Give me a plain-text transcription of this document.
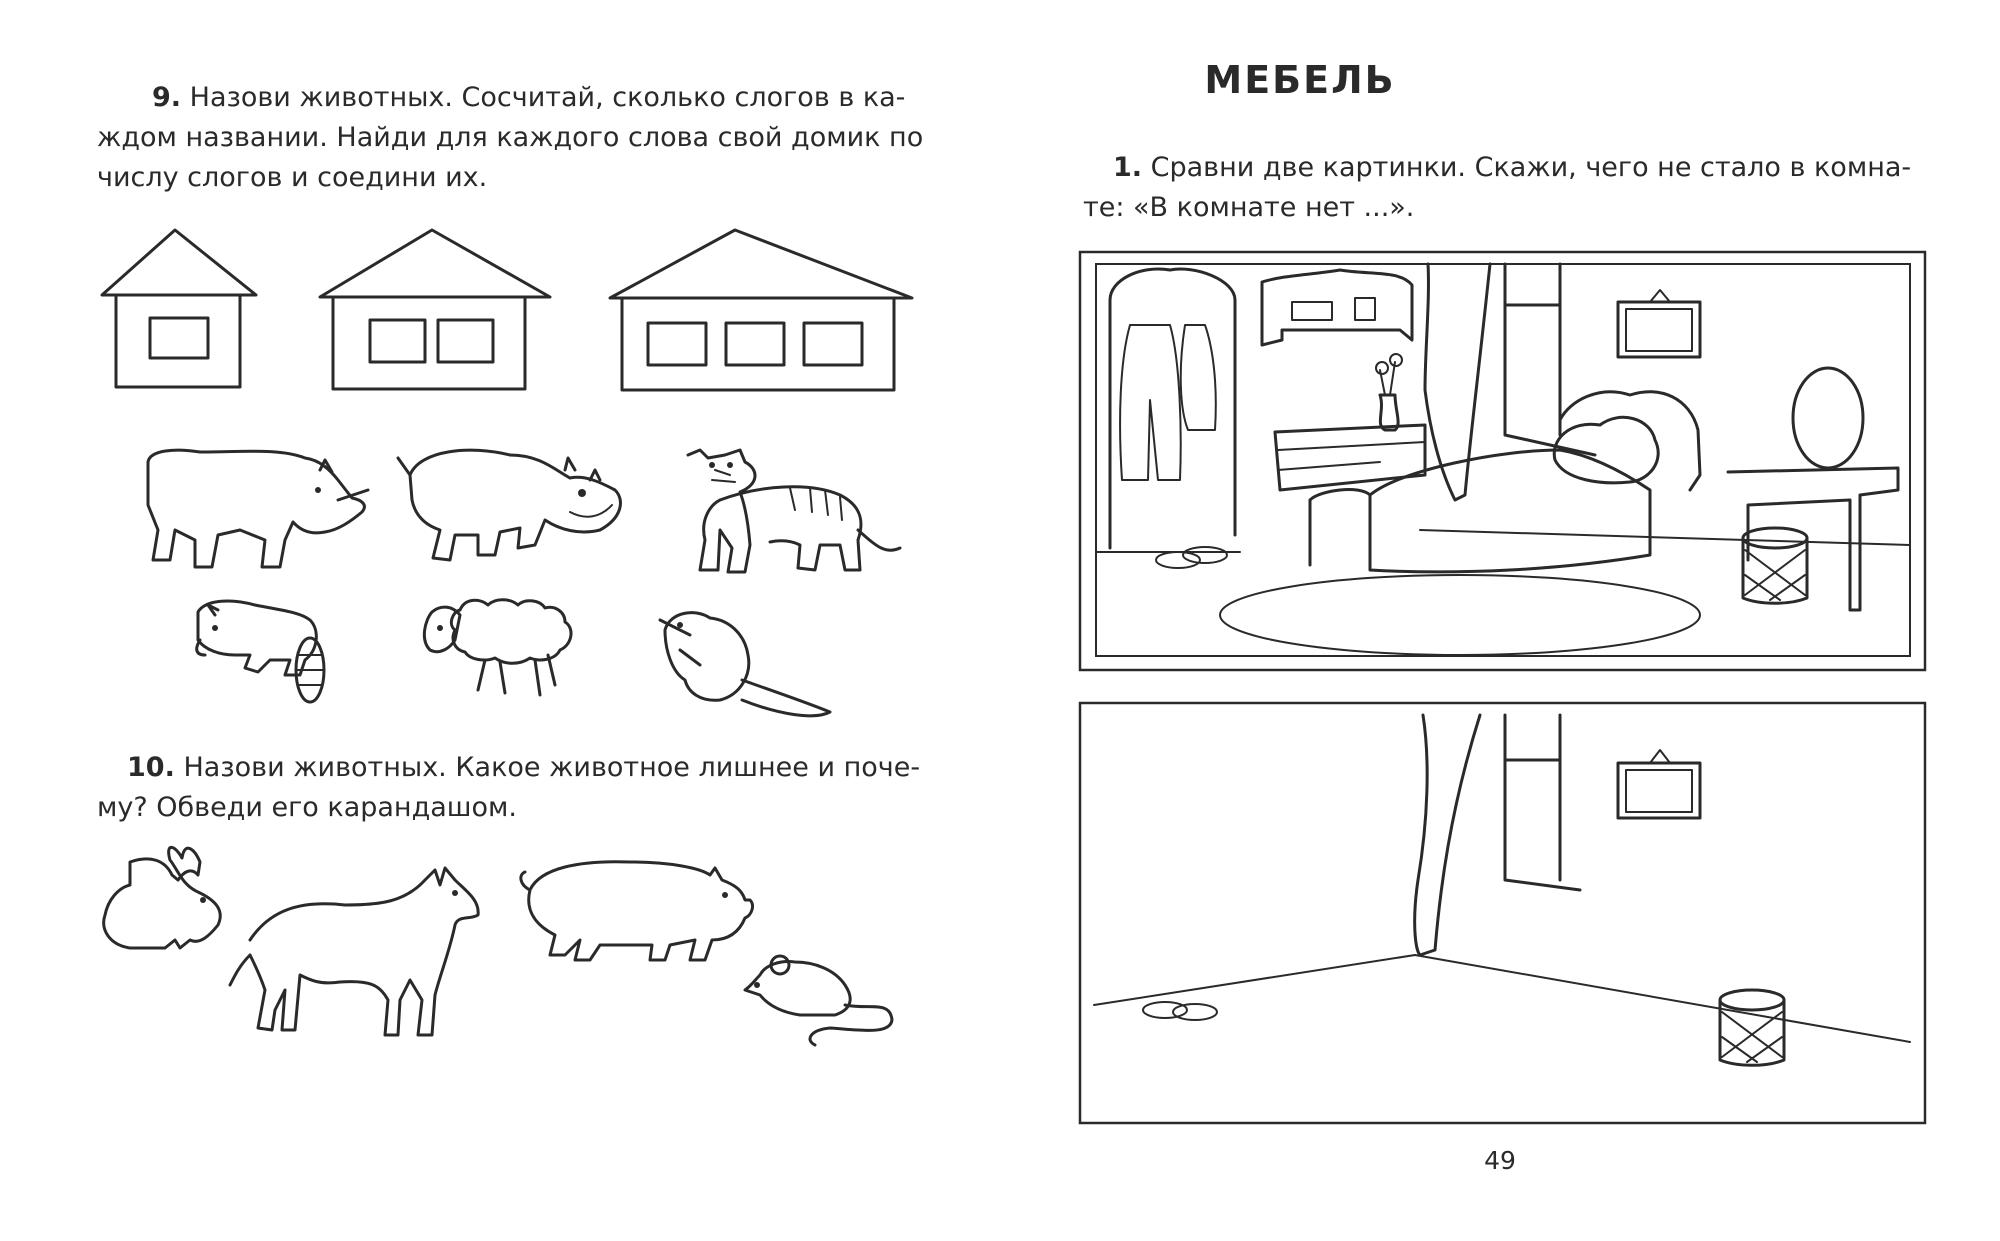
9. Назови животных. Сосчитай, сколько слогов в ка-
ждом названии. Найди для каждого слова свой домик по
числу слогов и соедини их.

10. Назови животных. Какое животное лишнее и поче-
му? Обведи его карандашом.

МЕБЕЛЬ

1. Сравни две картинки. Скажи, чего не стало в комна-
те: «В комнате нет ...».

49
